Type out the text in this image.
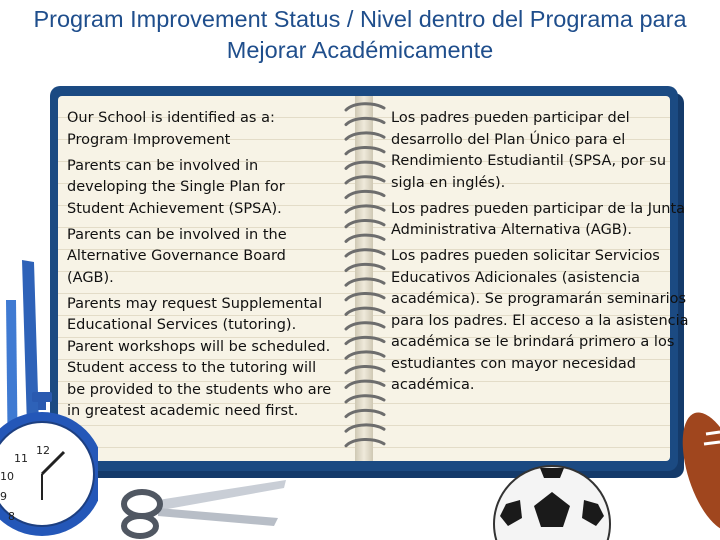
Program Improvement Status / Nivel dentro del Programa para Mejorar Académicamente
12
11
10
9
8

Our School is identified as a: Program Improvement

Parents can be involved in developing the Single Plan for Student Achievement (SPSA).

Parents can be involved in the Alternative Governance Board (AGB).

Parents may request Supplemental Educational Services (tutoring). Parent workshops will be scheduled. Student access to the tutoring will be provided to the students who are in greatest academic need first.

Los padres pueden participar del desarrollo del Plan Único para el Rendimiento Estudiantil (SPSA, por su sigla en inglés).

Los padres pueden participar de la Junta Administrativa Alternativa (AGB).

Los padres pueden solicitar Servicios Educativos Adicionales (asistencia académica). Se programarán seminarios para los padres. El acceso a la asistencia académica se le brindará primero a los estudiantes con mayor necesidad académica.
